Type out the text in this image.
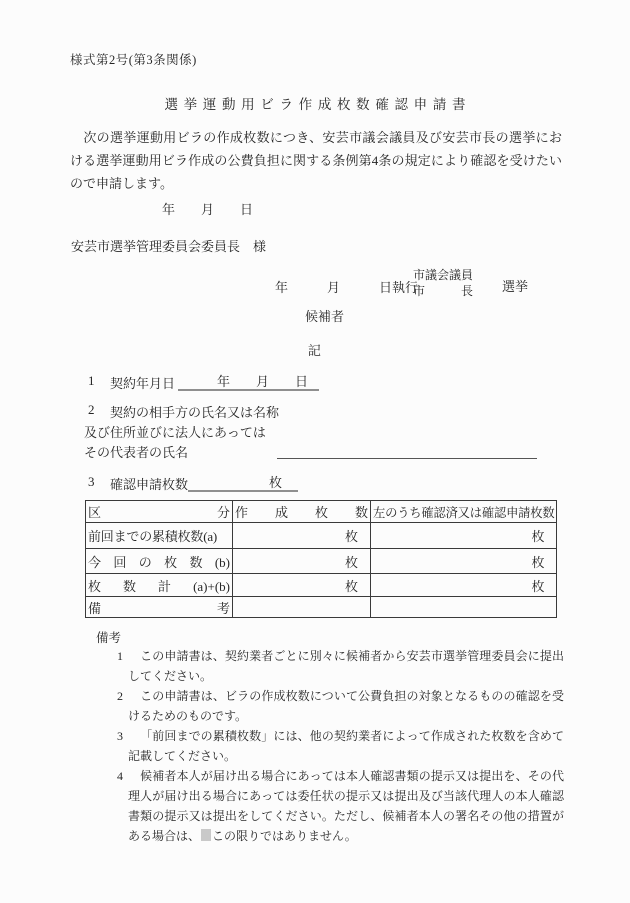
様式第2号(第3条関係)
選挙運動用ビラ作成枚数確認申請書
　次の選挙運動用ビラの作成枚数につき、安芸市議会議員及び安芸市長の選挙における選挙運動用ビラ作成の公費負担に関する条例第4条の規定により確認を受けたいので申請します。
年　　月　　日
安芸市選挙管理委員会委員長　様
年　　　月　　　日執行
市議会議員
市　　　長 選挙
候補者
記
1 契約年月日	年　　月　　日
2 契約の相手方の氏名又は名称
及び住所並びに法人にあっては
その代表者の氏名
3 確認申請枚数	枚
区 分	作 成 枚 数	左のうち確認済又は確認申請枚数
前回までの累積枚数(a)	枚	枚
今 回 の 枚 数 (b)	枚	枚
枚 数 計 (a)+(b)	枚	枚
備 考		
備考

1 この申請書は、契約業者ごとに別々に候補者から安芸市選挙管理委員会に提出してください。

2 この申請書は、ビラの作成枚数について公費負担の対象となるものの確認を受けるためのものです。

3 「前回までの累積枚数」には、他の契約業者によって作成された枚数を含めて記載してください。

4 候補者本人が届け出る場合にあっては本人確認書類の提示又は提出を、その代理人が届け出る場合にあっては委任状の提示又は提出及び当該代理人の本人確認書類の提示又は提出をしてください。ただし、候補者本人の署名その他の措置がある場合は、 この限りではありません。
